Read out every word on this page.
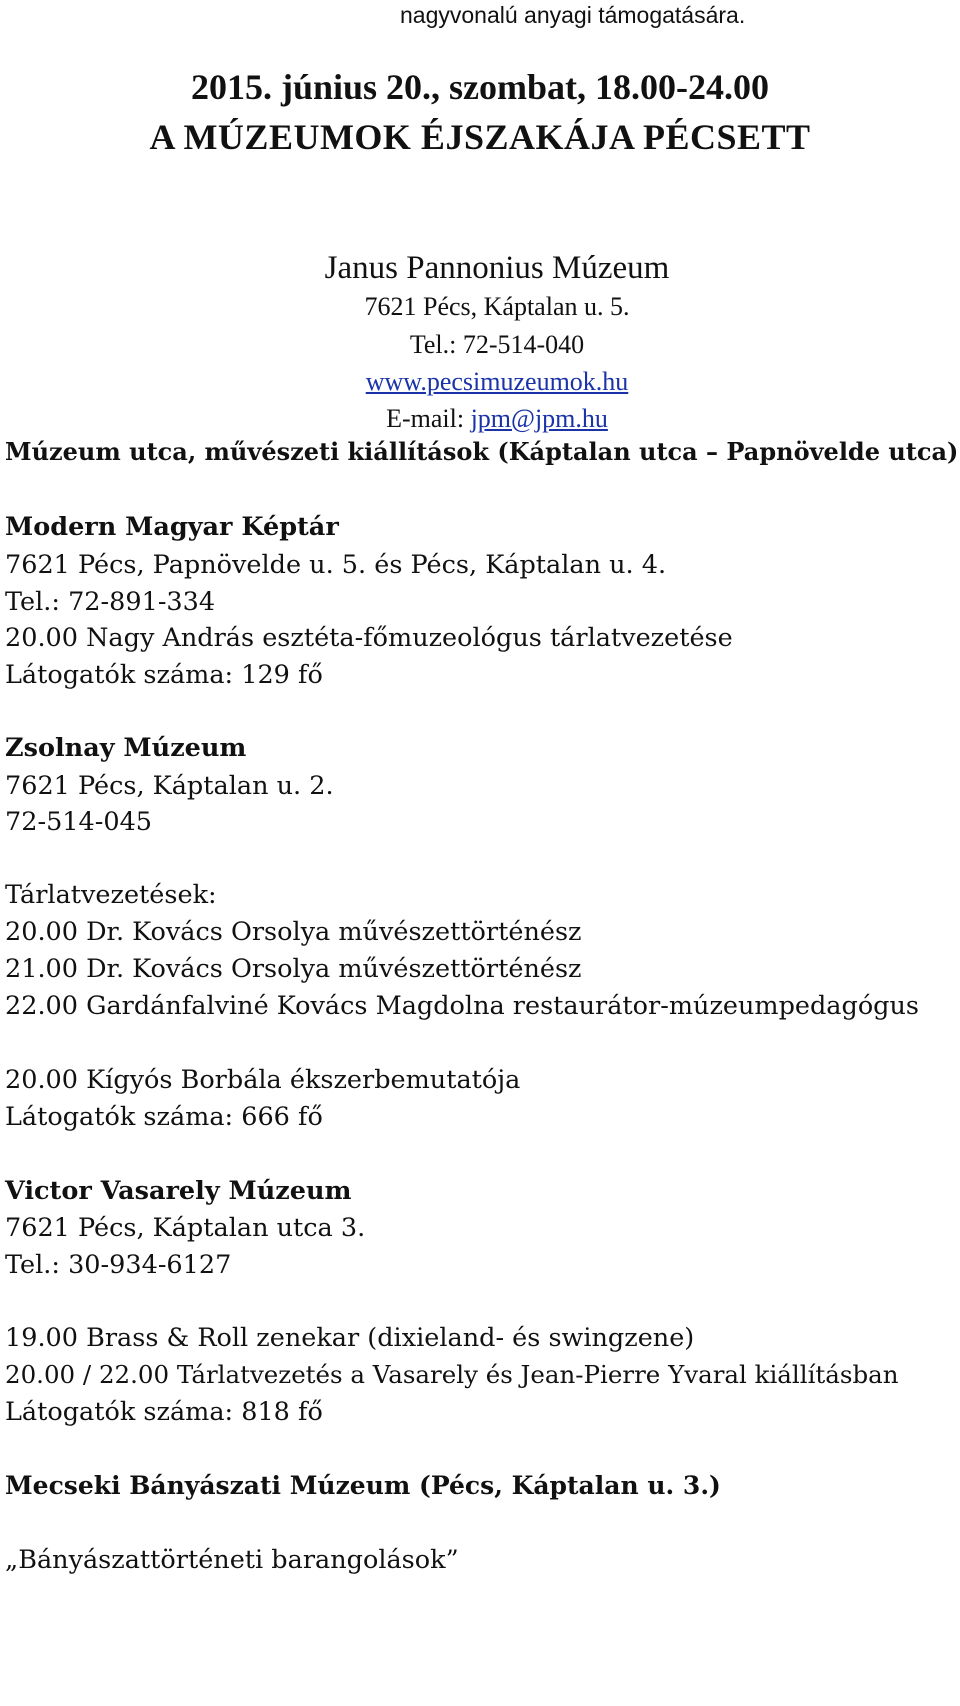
nagyvonalú anyagi támogatására.
2015. június 20., szombat, 18.00-24.00
A MÚZEUMOK ÉJSZAKÁJA PÉCSETT
Janus Pannonius Múzeum
7621 Pécs, Káptalan u. 5.
Tel.: 72-514-040
www.pecsimuzeumok.hu
E-mail: jpm@jpm.hu
Múzeum utca, művészeti kiállítások (Káptalan utca – Papnövelde utca)
Modern Magyar Képtár
7621 Pécs, Papnövelde u. 5. és Pécs, Káptalan u. 4.
Tel.: 72-891-334
20.00 Nagy András esztéta-főmuzeológus tárlatvezetése
Látogatók száma: 129 fő
Zsolnay Múzeum
7621 Pécs, Káptalan u. 2.
72-514-045
Tárlatvezetések:
20.00 Dr. Kovács Orsolya művészettörténész
21.00 Dr. Kovács Orsolya művészettörténész
22.00 Gardánfalviné Kovács Magdolna restaurátor-múzeumpedagógus
20.00 Kígyós Borbála ékszerbemutatója
Látogatók száma: 666 fő
Victor Vasarely Múzeum
7621 Pécs, Káptalan utca 3.
Tel.: 30-934-6127
19.00 Brass & Roll zenekar (dixieland- és swingzene)
20.00 / 22.00 Tárlatvezetés a Vasarely és Jean-Pierre Yvaral kiállításban
Látogatók száma: 818 fő
Mecseki Bányászati Múzeum (Pécs, Káptalan u. 3.)
„Bányászattörténeti barangolások”
